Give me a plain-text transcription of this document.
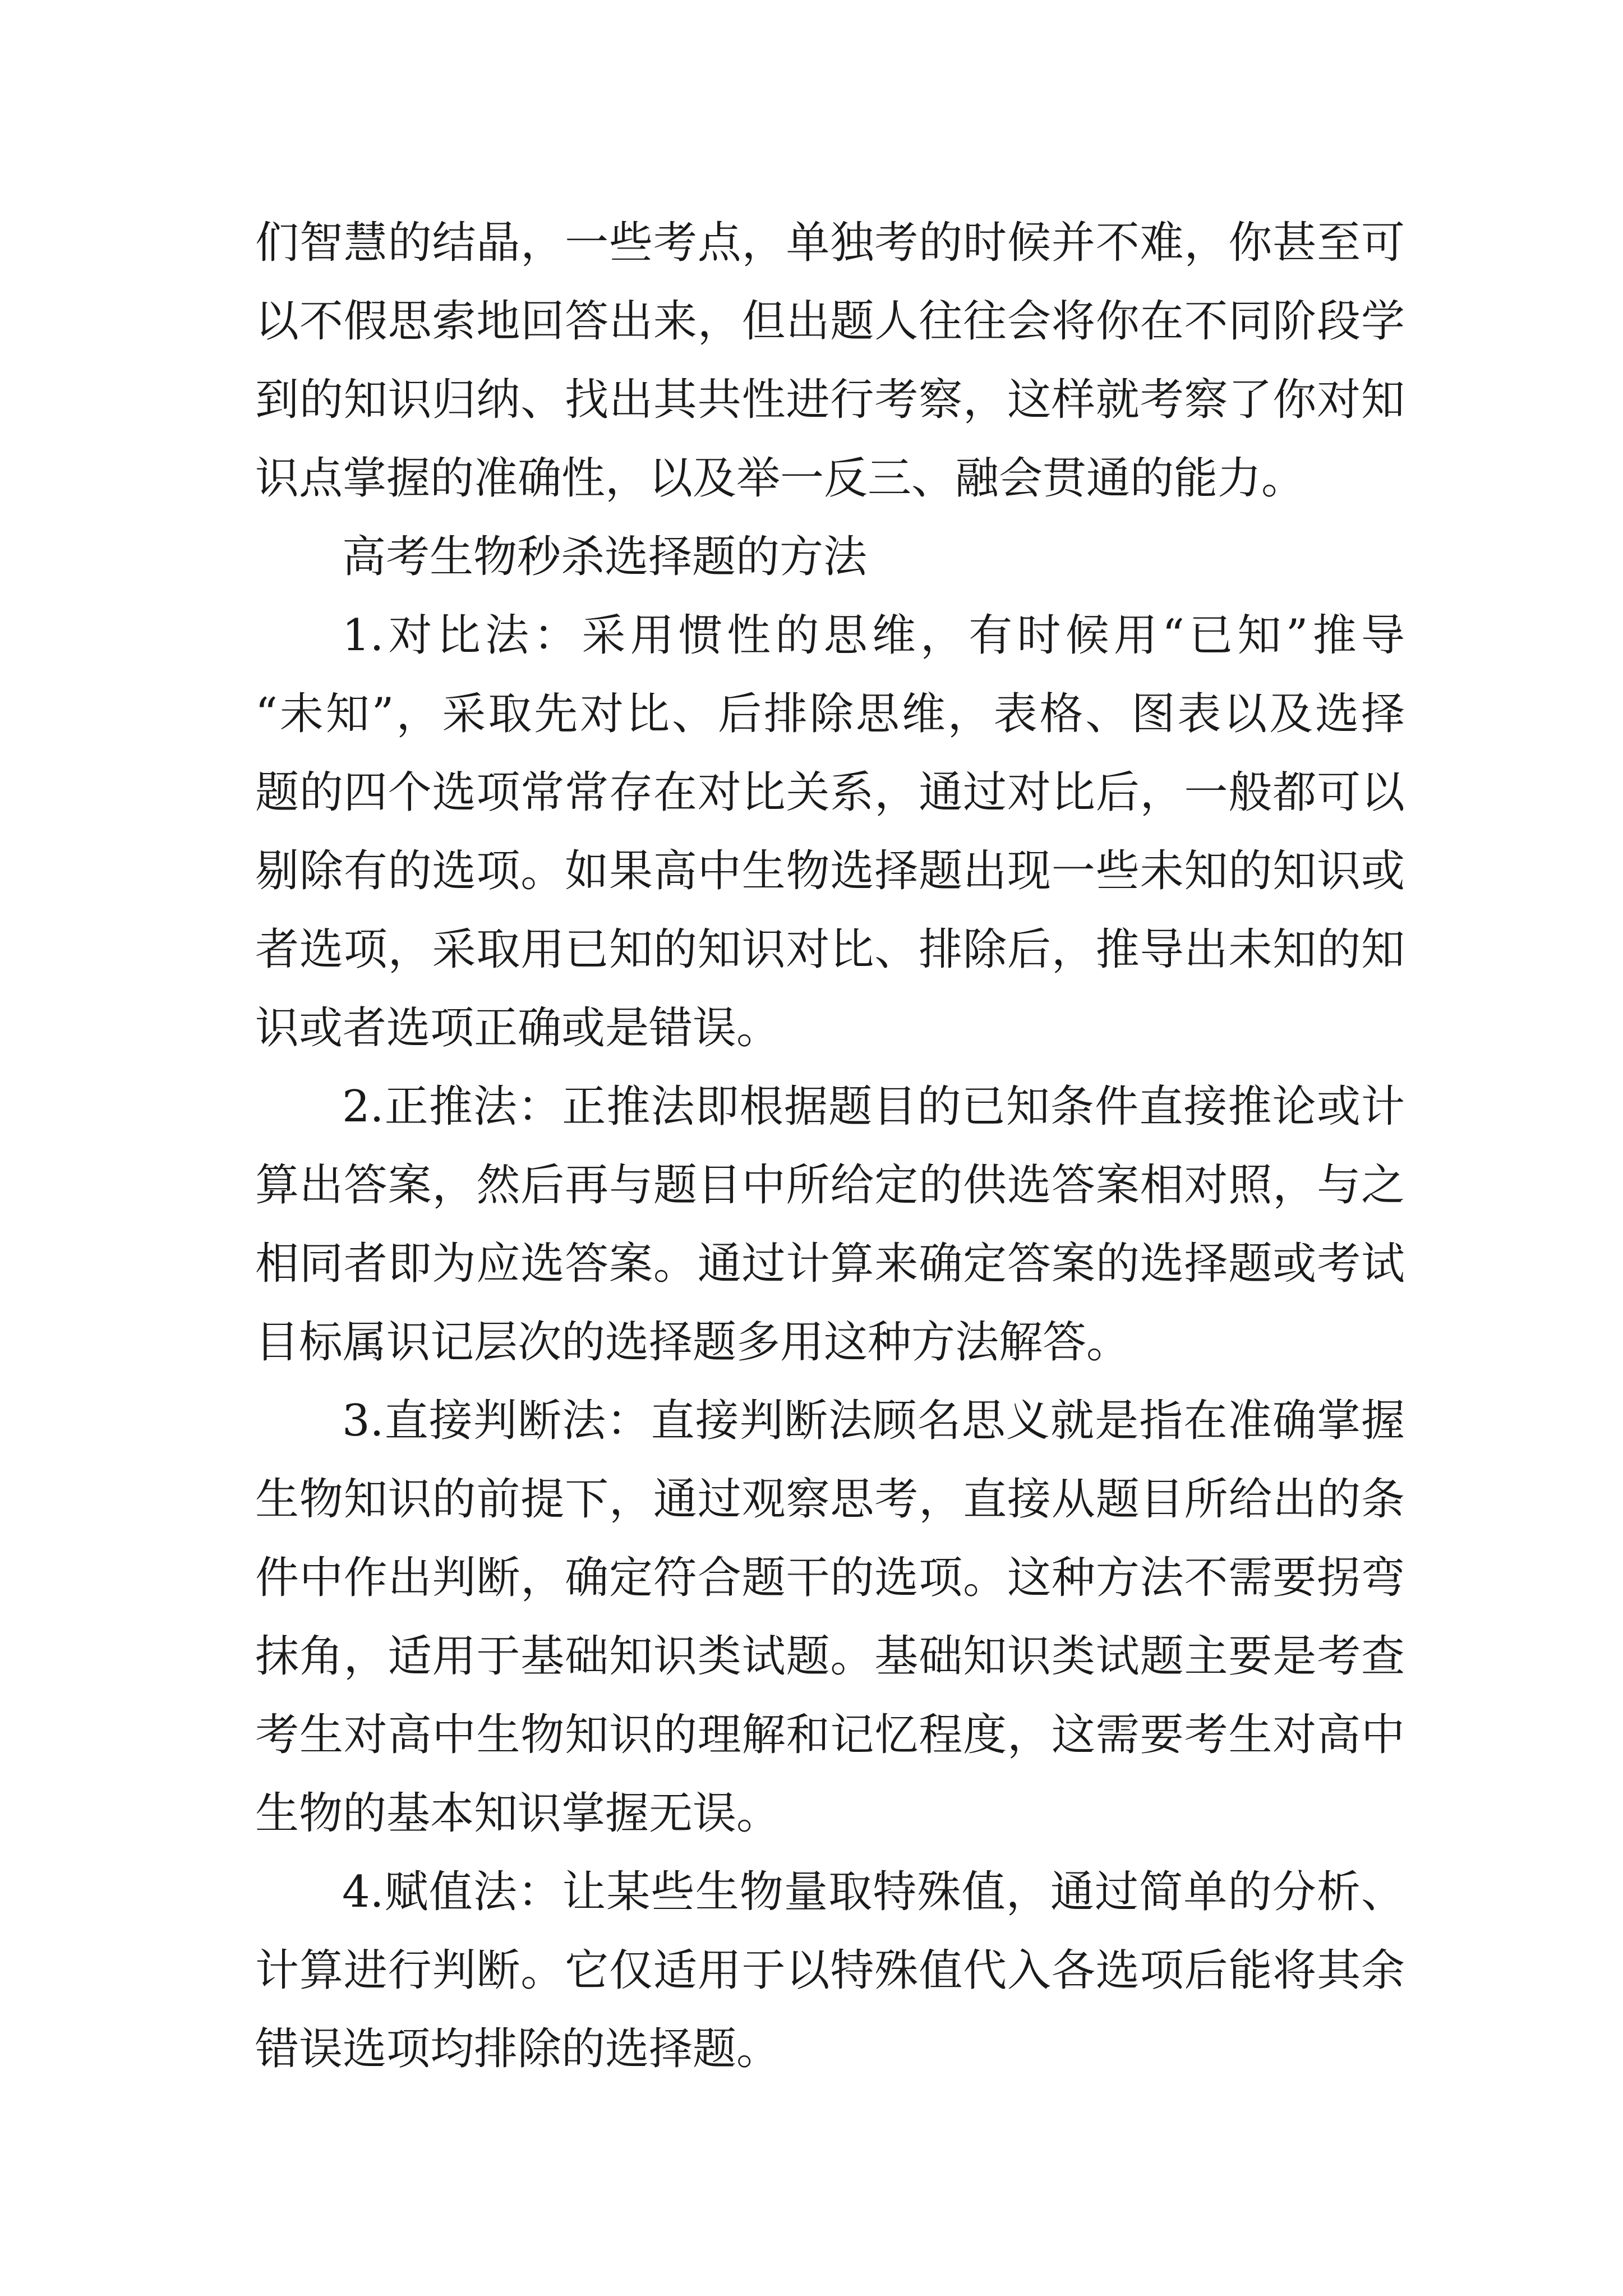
们智慧的结晶，一些考点，单独考的时候并不难，你甚至可
以不假思索地回答出来，但出题人往往会将你在不同阶段学
到的知识归纳、找出其共性进行考察，这样就考察了你对知
识点掌握的准确性，以及举一反三、融会贯通的能力。
高考生物秒杀选择题的方法
1.对比法：采用惯性的思维，有时候用“已知”推导
“未知”，采取先对比、后排除思维，表格、图表以及选择
题的四个选项常常存在对比关系，通过对比后，一般都可以
剔除有的选项。如果高中生物选择题出现一些未知的知识或
者选项，采取用已知的知识对比、排除后，推导出未知的知
识或者选项正确或是错误。
2.正推法：正推法即根据题目的已知条件直接推论或计
算出答案，然后再与题目中所给定的供选答案相对照，与之
相同者即为应选答案。通过计算来确定答案的选择题或考试
目标属识记层次的选择题多用这种方法解答。
3.直接判断法：直接判断法顾名思义就是指在准确掌握
生物知识的前提下，通过观察思考，直接从题目所给出的条
件中作出判断，确定符合题干的选项。这种方法不需要拐弯
抹角，适用于基础知识类试题。基础知识类试题主要是考查
考生对高中生物知识的理解和记忆程度，这需要考生对高中
生物的基本知识掌握无误。
4.赋值法：让某些生物量取特殊值，通过简单的分析、
计算进行判断。它仅适用于以特殊值代入各选项后能将其余
错误选项均排除的选择题。
